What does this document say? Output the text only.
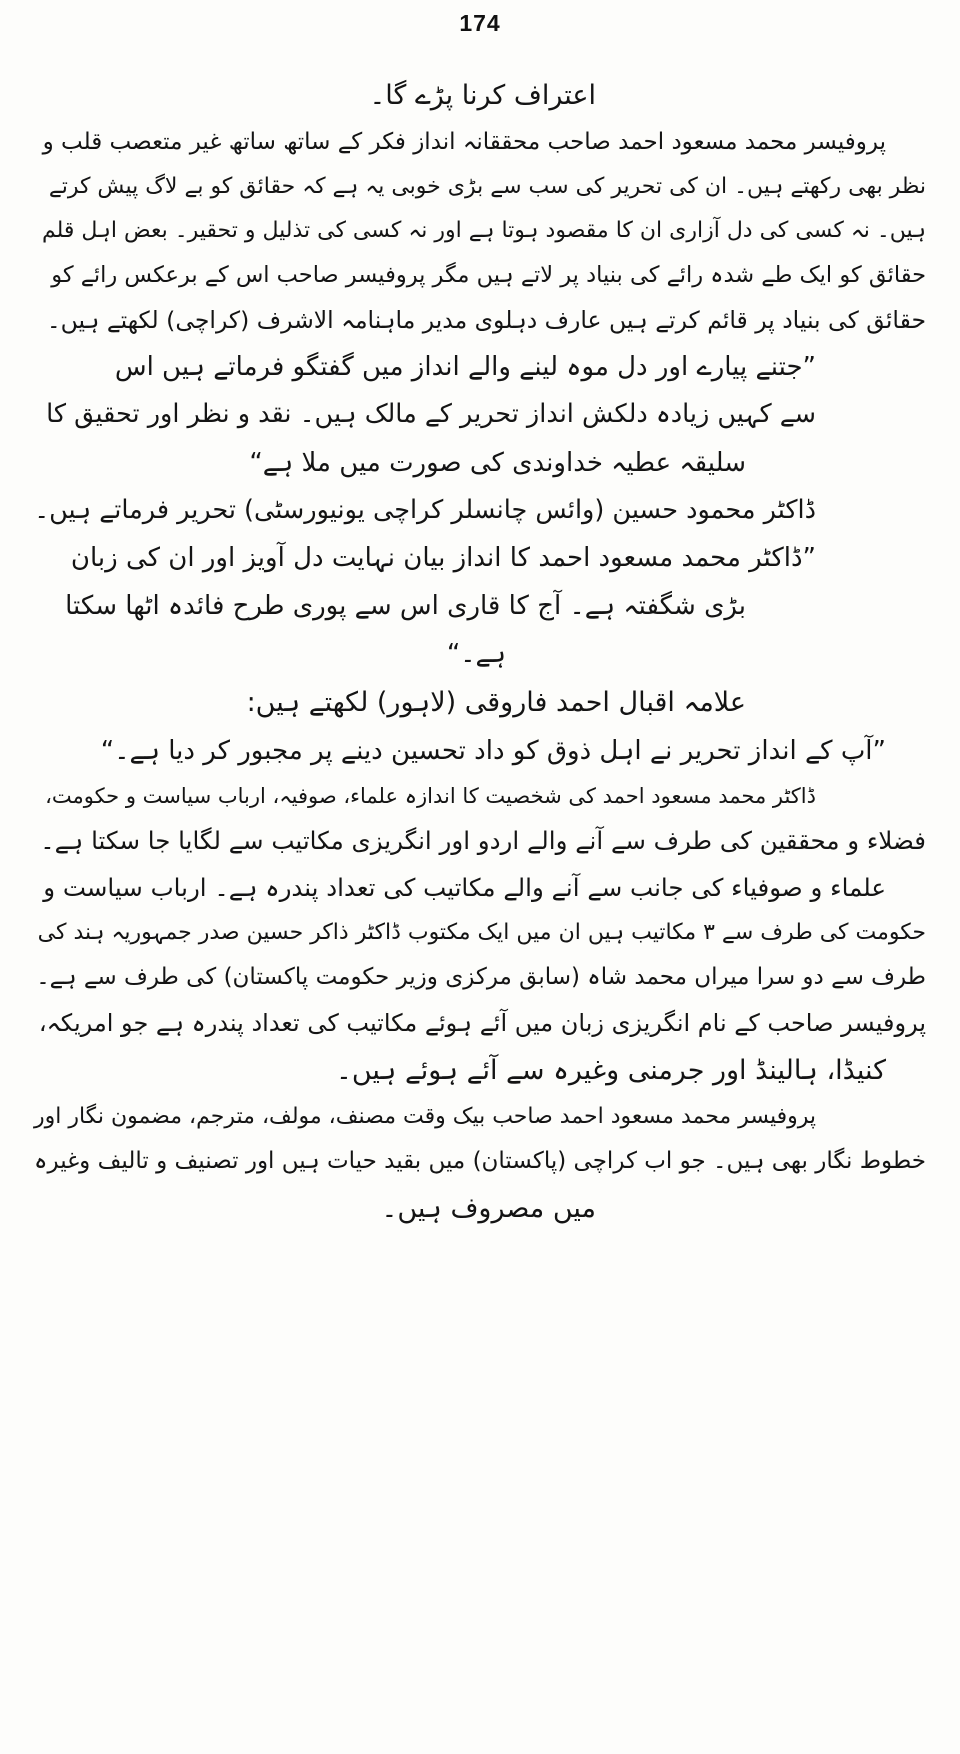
174
اعتراف کرنا پڑے گا۔
پروفیسر محمد مسعود احمد صاحب محققانہ انداز فکر کے ساتھ ساتھ غیر متعصب قلب و
نظر بھی رکھتے ہیں۔ ان کی تحریر کی سب سے بڑی خوبی یہ ہے کہ حقائق کو بے لاگ پیش کرتے
ہیں۔ نہ کسی کی دل آزاری ان کا مقصود ہوتا ہے اور نہ کسی کی تذلیل و تحقیر۔ بعض اہل قلم
حقائق کو ایک طے شدہ رائے کی بنیاد پر لاتے ہیں مگر پروفیسر صاحب اس کے برعکس رائے کو
حقائق کی بنیاد پر قائم کرتے ہیں عارف دہلوی مدیر ماہنامہ الاشرف (کراچی) لکھتے ہیں۔
”جتنے پیارے اور دل موہ لینے والے انداز میں گفتگو فرماتے ہیں اس
سے کہیں زیادہ دلکش انداز تحریر کے مالک ہیں۔ نقد و نظر اور تحقیق کا
سلیقہ عطیہ خداوندی کی صورت میں ملا ہے“
ڈاکٹر محمود حسین (وائس چانسلر کراچی یونیورسٹی) تحریر فرماتے ہیں۔
”ڈاکٹر محمد مسعود احمد کا انداز بیان نہایت دل آویز اور ان کی زبان
بڑی شگفتہ ہے۔ آج کا قاری اس سے پوری طرح فائدہ اٹھا سکتا
ہے۔“
علامہ اقبال احمد فاروقی (لاہور) لکھتے ہیں:
”آپ کے انداز تحریر نے اہل ذوق کو داد تحسین دینے پر مجبور کر دیا ہے۔“
ڈاکٹر محمد مسعود احمد کی شخصیت کا اندازہ علماء، صوفیہ، ارباب سیاست و حکومت،
فضلاء و محققین کی طرف سے آنے والے اردو اور انگریزی مکاتیب سے لگایا جا سکتا ہے۔
علماء و صوفیاء کی جانب سے آنے والے مکاتیب کی تعداد پندرہ ہے۔ ارباب سیاست و
حکومت کی طرف سے ۳ مکاتیب ہیں ان میں ایک مکتوب ڈاکٹر ذاکر حسین صدر جمہوریہ ہند کی
طرف سے دو سرا میراں محمد شاہ (سابق مرکزی وزیر حکومت پاکستان) کی طرف سے ہے۔
پروفیسر صاحب کے نام انگریزی زبان میں آئے ہوئے مکاتیب کی تعداد پندرہ ہے جو امریکہ،
کنیڈا، ہالینڈ اور جرمنی وغیرہ سے آئے ہوئے ہیں۔
پروفیسر محمد مسعود احمد صاحب بیک وقت مصنف، مولف، مترجم، مضمون نگار اور
خطوط نگار بھی ہیں۔ جو اب کراچی (پاکستان) میں بقید حیات ہیں اور تصنیف و تالیف وغیرہ
میں مصروف ہیں۔
